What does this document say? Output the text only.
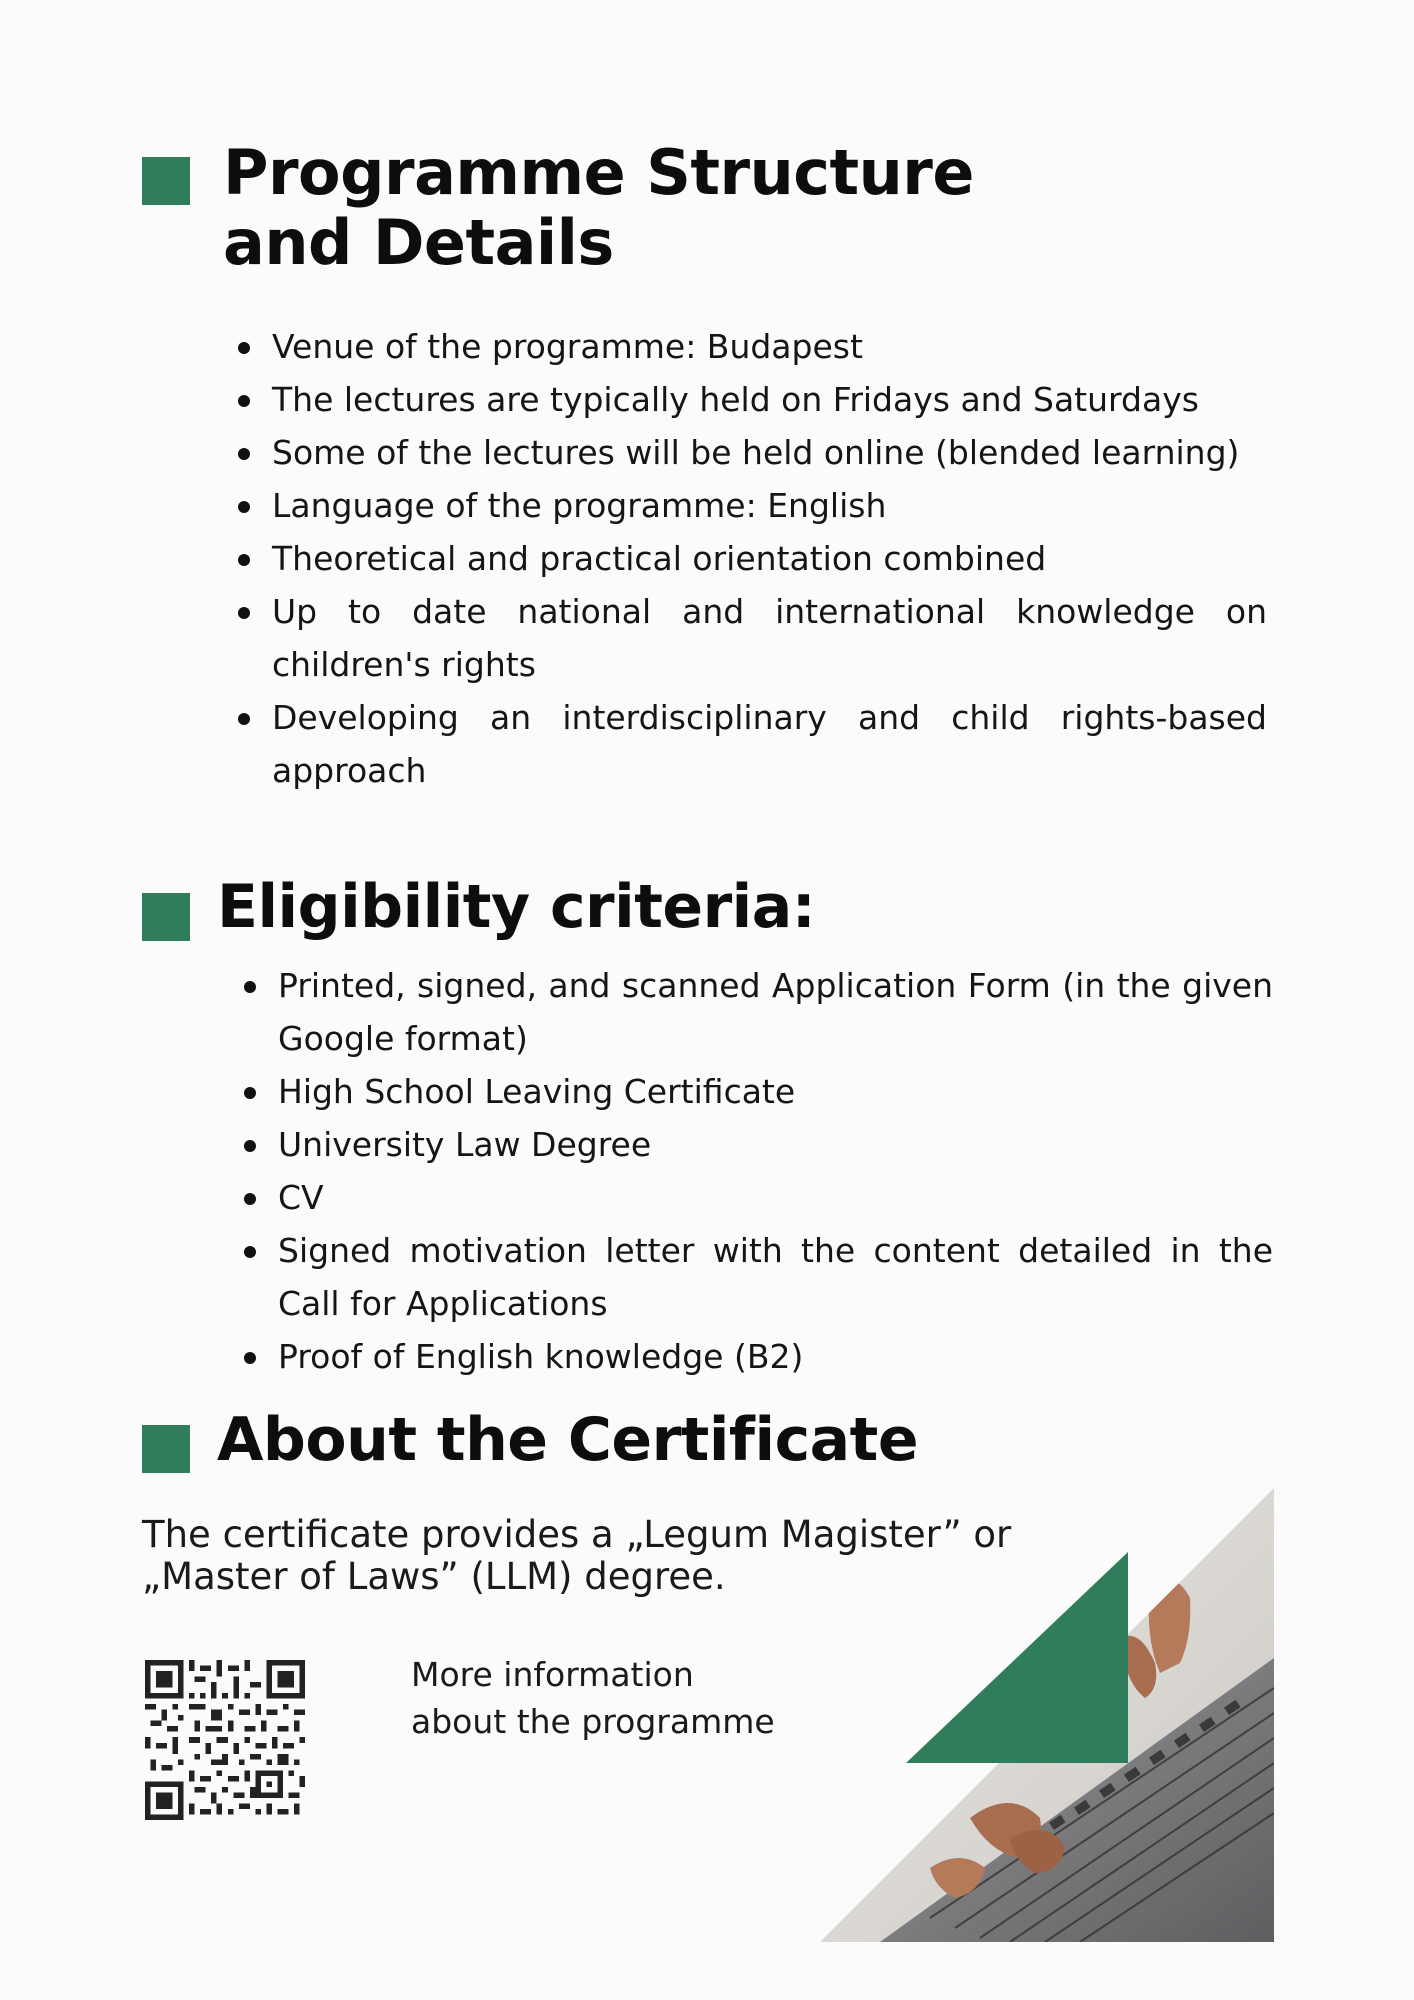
Programme Structure and Details
Venue of the programme: Budapest
The lectures are typically held on Fridays and Saturdays
Some of the lectures will be held online (blended learning)
Language of the programme: English
Theoretical and practical orientation combined
Up to date national and international knowledge on children's rights
Developing an interdisciplinary and child rights-based approach
Eligibility criteria:
Printed, signed, and scanned Application Form (in the given Google format)
High School Leaving Certificate
University Law Degree
CV
Signed motivation letter with the content detailed in the Call for Applications
Proof of English knowledge (B2)
About the Certificate
The certificate provides a „Legum Magister” or
„Master of Laws” (LLM) degree.
More information
about the programme
